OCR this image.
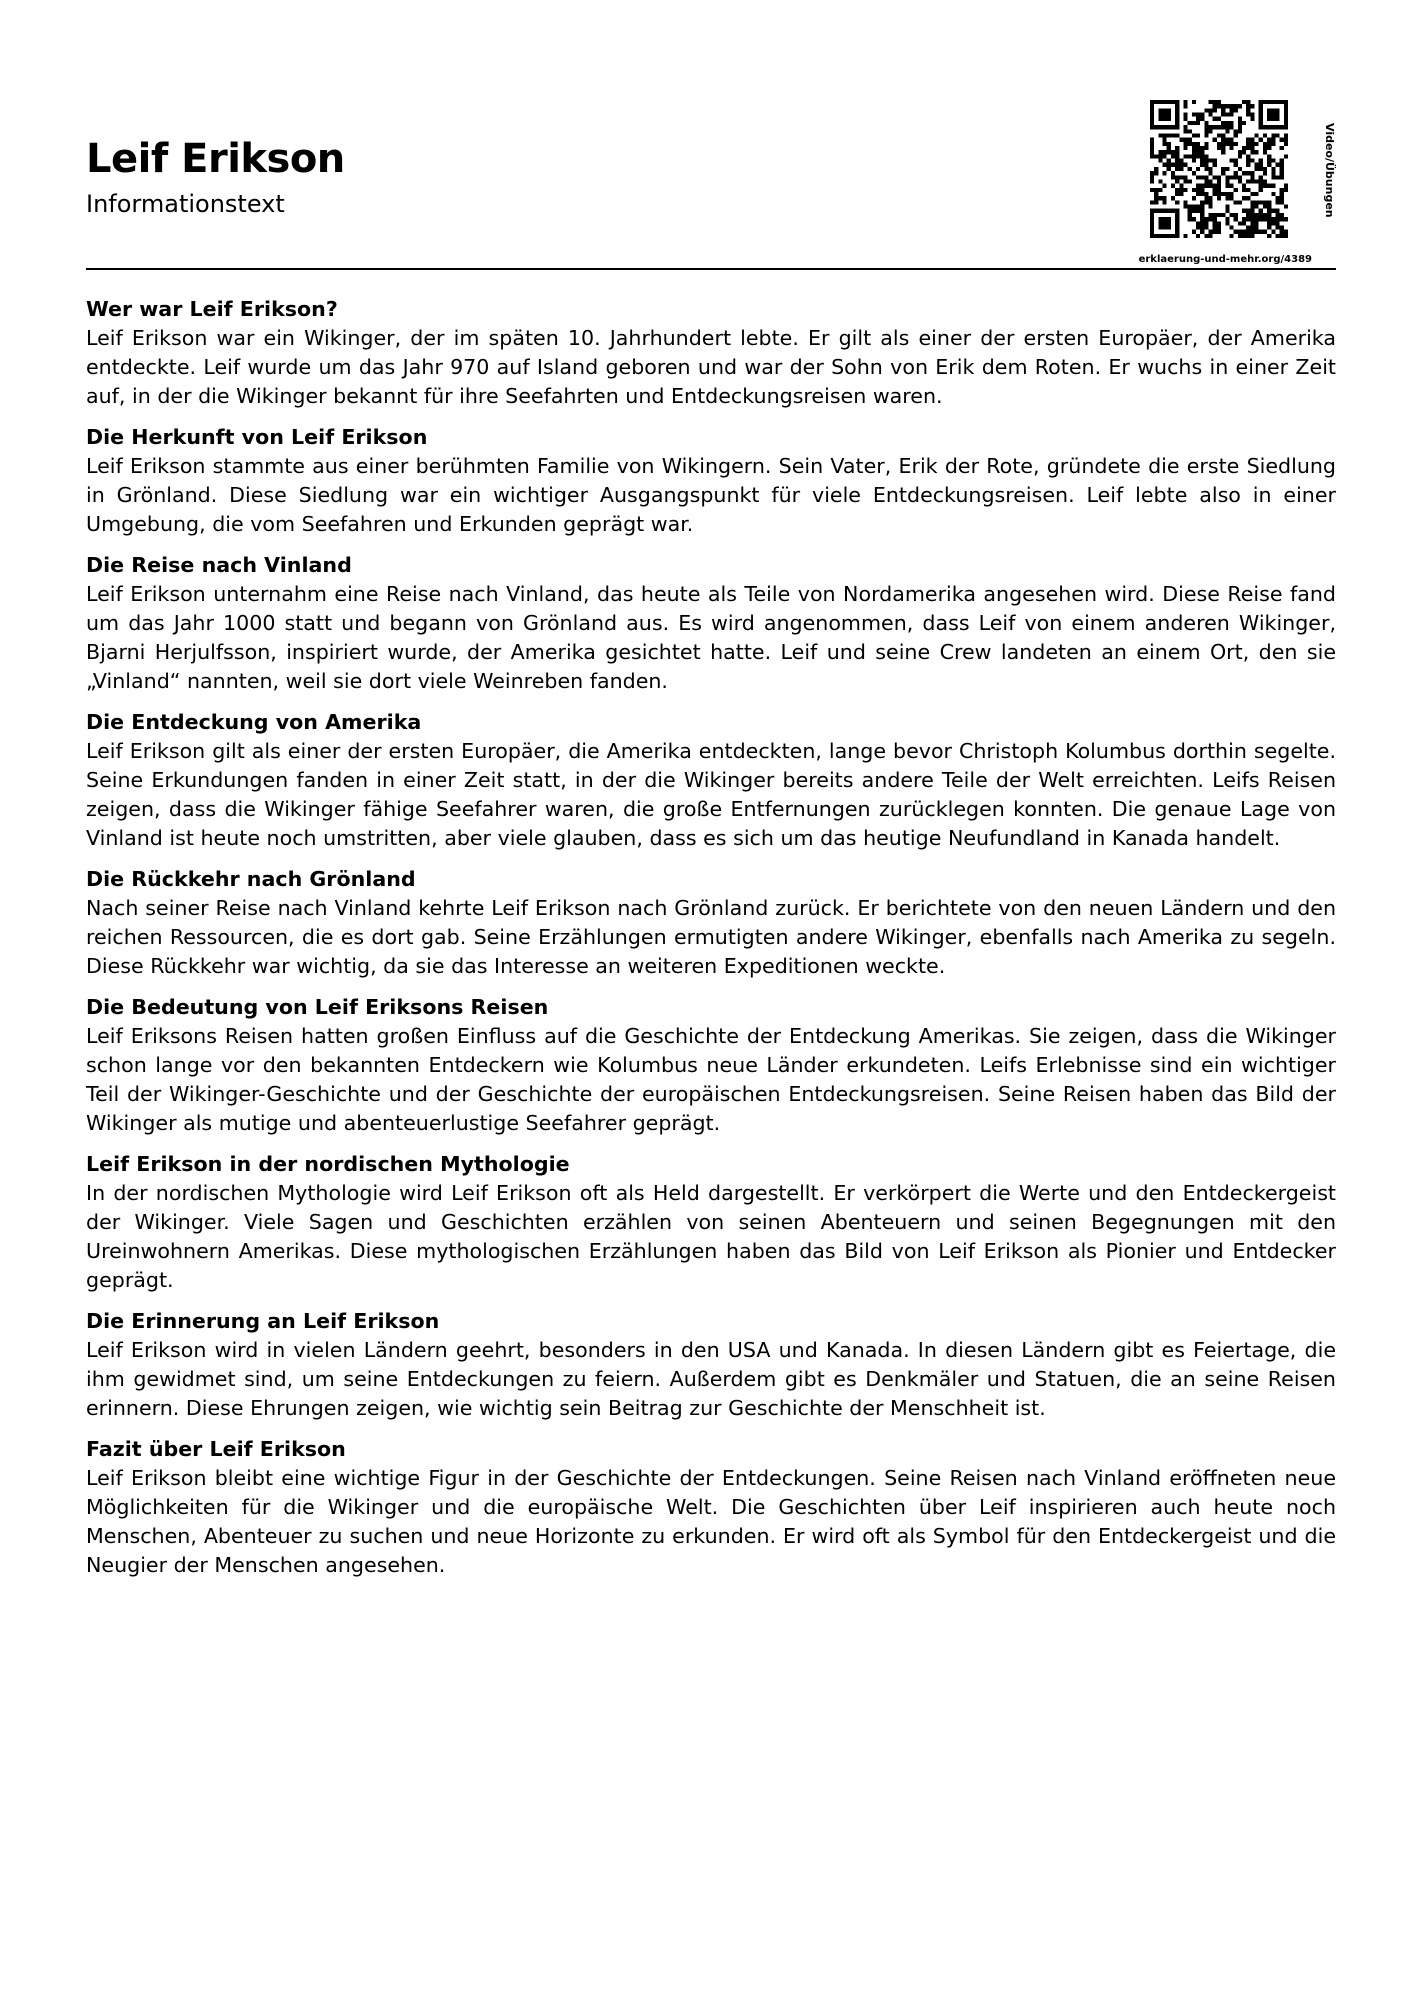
Leif Erikson
Informationstext	Video/Übungen
erklaerung-und-mehr.org/4389
Wer war Leif Erikson?

Leif Erikson war ein Wikinger, der im späten 10. Jahrhundert lebte. Er gilt als einer der ersten Europäer, der Amerika entdeckte. Leif wurde um das Jahr 970 auf Island geboren und war der Sohn von Erik dem Roten. Er wuchs in einer Zeit auf, in der die Wikinger bekannt für ihre Seefahrten und Entdeckungsreisen waren.

Die Herkunft von Leif Erikson

Leif Erikson stammte aus einer berühmten Familie von Wikingern. Sein Vater, Erik der Rote, gründete die erste Siedlung in Grönland. Diese Siedlung war ein wichtiger Ausgangspunkt für viele Entdeckungsreisen. Leif lebte also in einer Umgebung, die vom Seefahren und Erkunden geprägt war.

Die Reise nach Vinland

Leif Erikson unternahm eine Reise nach Vinland, das heute als Teile von Nordamerika angesehen wird. Diese Reise fand um das Jahr 1000 statt und begann von Grönland aus. Es wird angenommen, dass Leif von einem anderen Wikinger, Bjarni Herjulfsson, inspiriert wurde, der Amerika gesichtet hatte. Leif und seine Crew landeten an einem Ort, den sie „Vinland“ nannten, weil sie dort viele Weinreben fanden.

Die Entdeckung von Amerika

Leif Erikson gilt als einer der ersten Europäer, die Amerika entdeckten, lange bevor Christoph Kolumbus dorthin segelte. Seine Erkundungen fanden in einer Zeit statt, in der die Wikinger bereits andere Teile der Welt erreichten. Leifs Reisen zeigen, dass die Wikinger fähige Seefahrer waren, die große Entfernungen zurücklegen konnten. Die genaue Lage von Vinland ist heute noch umstritten, aber viele glauben, dass es sich um das heutige Neufundland in Kanada handelt.

Die Rückkehr nach Grönland

Nach seiner Reise nach Vinland kehrte Leif Erikson nach Grönland zurück. Er berichtete von den neuen Ländern und den reichen Ressourcen, die es dort gab. Seine Erzählungen ermutigten andere Wikinger, ebenfalls nach Amerika zu segeln. Diese Rückkehr war wichtig, da sie das Interesse an weiteren Expeditionen weckte.

Die Bedeutung von Leif Eriksons Reisen

Leif Eriksons Reisen hatten großen Einfluss auf die Geschichte der Entdeckung Amerikas. Sie zeigen, dass die Wikinger schon lange vor den bekannten Entdeckern wie Kolumbus neue Länder erkundeten. Leifs Erlebnisse sind ein wichtiger Teil der Wikinger-Geschichte und der Geschichte der europäischen Entdeckungsreisen. Seine Reisen haben das Bild der Wikinger als mutige und abenteuerlustige Seefahrer geprägt.

Leif Erikson in der nordischen Mythologie

In der nordischen Mythologie wird Leif Erikson oft als Held dargestellt. Er verkörpert die Werte und den Entdeckergeist der Wikinger. Viele Sagen und Geschichten erzählen von seinen Abenteuern und seinen Begegnungen mit den Ureinwohnern Amerikas. Diese mythologischen Erzählungen haben das Bild von Leif Erikson als Pionier und Entdecker geprägt.

Die Erinnerung an Leif Erikson

Leif Erikson wird in vielen Ländern geehrt, besonders in den USA und Kanada. In diesen Ländern gibt es Feiertage, die ihm gewidmet sind, um seine Entdeckungen zu feiern. Außerdem gibt es Denkmäler und Statuen, die an seine Reisen erinnern. Diese Ehrungen zeigen, wie wichtig sein Beitrag zur Geschichte der Menschheit ist.

Fazit über Leif Erikson

Leif Erikson bleibt eine wichtige Figur in der Geschichte der Entdeckungen. Seine Reisen nach Vinland eröffneten neue Möglichkeiten für die Wikinger und die europäische Welt. Die Geschichten über Leif inspirieren auch heute noch Menschen, Abenteuer zu suchen und neue Horizonte zu erkunden. Er wird oft als Symbol für den Entdeckergeist und die Neugier der Menschen angesehen.
